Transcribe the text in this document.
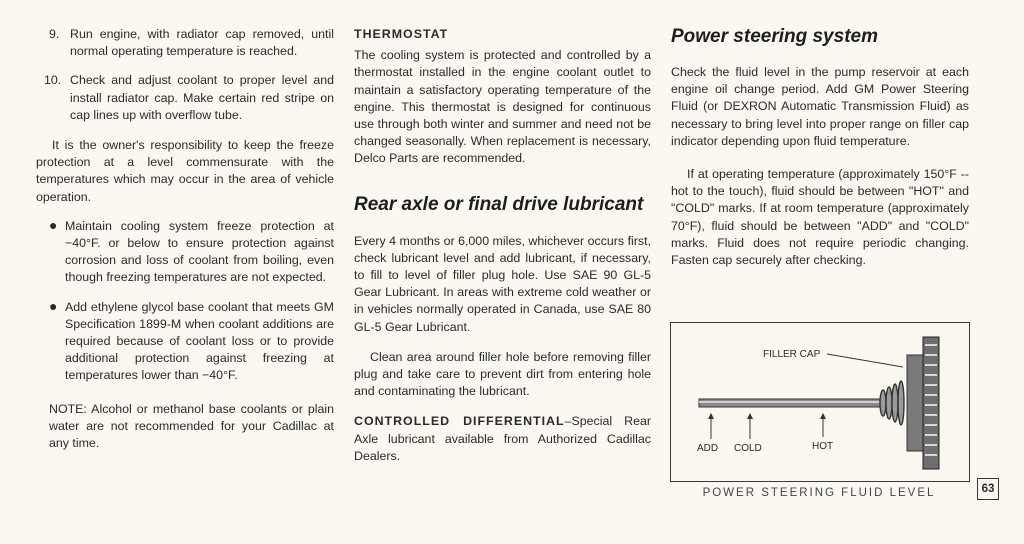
9. Run engine, with radiator cap removed, until normal operating temperature is reached.
10. Check and adjust coolant to proper level and install radiator cap. Make certain red stripe on cap lines up with overflow tube.

It is the owner's responsibility to keep the freeze protection at a level commensurate with the temperatures which may occur in the area of vehicle operation.

● Maintain cooling system freeze protection at −40°F. or below to ensure protection against corrosion and loss of coolant from boiling, even though freezing temperatures are not expected.
● Add ethylene glycol base coolant that meets GM Specification 1899-M when coolant additions are required because of coolant loss or to provide additional protection against freezing at temperatures lower than −40°F.

NOTE: Alcohol or methanol base coolants or plain water are not recommended for your Cadillac at any time.

THERMOSTAT

The cooling system is protected and controlled by a thermostat installed in the engine coolant outlet to maintain a satisfactory operating temperature of the engine. This thermostat is designed for continuous use through both winter and summer and need not be changed seasonally. When replacement is necessary, Delco Parts are recommended.

Rear axle or final drive lubricant

Every 4 months or 6,000 miles, whichever occurs first, check lubricant level and add lubricant, if necessary, to fill to level of filler plug hole. Use SAE 90 GL-5 Gear Lubricant. In areas with extreme cold weather or in vehicles normally operated in Canada, use SAE 80 GL-5 Gear Lubricant.

Clean area around filler hole before removing filler plug and take care to prevent dirt from entering hole and contaminating the lubricant.

CONTROLLED DIFFERENTIAL–Special Rear Axle lubricant available from Authorized Cadillac Dealers.

Power steering system

Check the fluid level in the pump reservoir at each engine oil change period. Add GM Power Steering Fluid (or DEXRON Automatic Transmission Fluid) as necessary to bring level into proper range on filler cap indicator depending upon fluid temperature.

If at operating temperature (approximately 150°F -- hot to the touch), fluid should be between "HOT" and "COLD" marks. If at room temperature (approximately 70°F), fluid should be between "ADD" and "COLD" marks. Fluid does not require periodic changing. Fasten cap securely after checking.

FILLER CAP
ADD COLD	HOT
POWER STEERING FLUID LEVEL	63
